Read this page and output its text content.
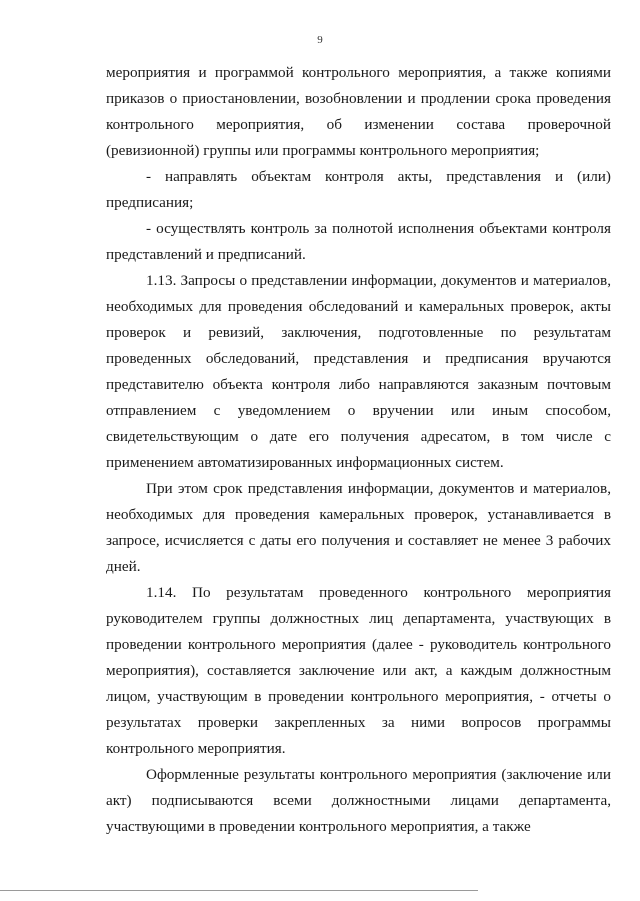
9

мероприятия и программой контрольного мероприятия, а также копиями приказов о приостановлении, возобновлении и продлении срока проведения контрольного мероприятия, об изменении состава проверочной (ревизионной) группы или программы контрольного мероприятия;

- направлять объектам контроля акты, представления и (или) предписания;

- осуществлять контроль за полнотой исполнения объектами контроля представлений и предписаний.

1.13. Запросы о представлении информации, документов и материалов, необходимых для проведения обследований и камеральных проверок, акты проверок и ревизий, заключения, подготовленные по результатам проведенных обследований, представления и предписания вручаются представителю объекта контроля либо направляются заказным почтовым отправлением с уведомлением о вручении или иным способом, свидетельствующим о дате его получения адресатом, в том числе с применением автоматизированных информационных систем.

При этом срок представления информации, документов и материалов, необходимых для проведения камеральных проверок, устанавливается в запросе, исчисляется с даты его получения и составляет не менее 3 рабочих дней.

1.14. По результатам проведенного контрольного мероприятия руководителем группы должностных лиц департамента, участвующих в проведении контрольного мероприятия (далее - руководитель контрольного мероприятия), составляется заключение или акт, а каждым должностным лицом, участвующим в проведении контрольного мероприятия, - отчеты о результатах проверки закрепленных за ними вопросов программы контрольного мероприятия.

Оформленные результаты контрольного мероприятия (заключение или акт) подписываются всеми должностными лицами департамента, участвующими в проведении контрольного мероприятия, а также
